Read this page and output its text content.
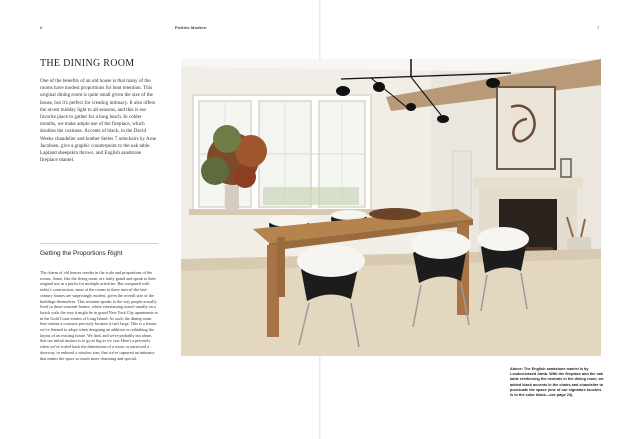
6	Pottles Modern	7
THE DINING ROOM

One of the benefits of an old house is that many of the rooms have modest proportions for heat retention. This original dining room is quite small given the size of the house, but it's perfect for creating intimacy. It also offers the nicest midday light to all seasons, and this is our favorite place to gather for a long lunch. In colder months, we make ample use of the fireplace, which doubles the coziness. Accents of black, in the David Weeks chandelier and leather Series 7 armchairs by Arne Jacobsen, give a graphic counterpoint to the oak table. Lapland sheepskin throws, and English sandstone fireplace mantel.

Getting the Proportions Right

The charm of old houses resides in the scale and proportions of the rooms. Some, like the living room, are fairly grand and speak to their original use as a parlor for multiple activities. But compared with today's construction, most of the rooms in these turn-of-the-last-century houses are surprisingly modest, given the overall size of the buildings themselves. This restraint speaks to the way people actually lived in these seasonal homes, where entertaining wasn't usually on a lavish scale the way it might be in grand New York City apartments or in the Gold Coast estates of Long Island. As such, the dining room here retains a coziness precisely because it isn't large. This is a lesson we've learned to adopt when designing an addition or rethinking the layout of an existing house. We find, and we're probably not alone, that our initial instinct is to go as big as we can. Here's a precisely when we've scaled back the dimensions of a room, or narrowed a doorway, or reduced a window size, that we've captured an intimacy that makes the space so much more charming and special.

Above: The English sandstone mantel is by London-based Jamb. With the fireplace and the oak table reinforcing the neutrals in the dining room, we added black accents in the chairs and chandelier to punctuate the space (one of our signature touches is to the color black—see page 23).
